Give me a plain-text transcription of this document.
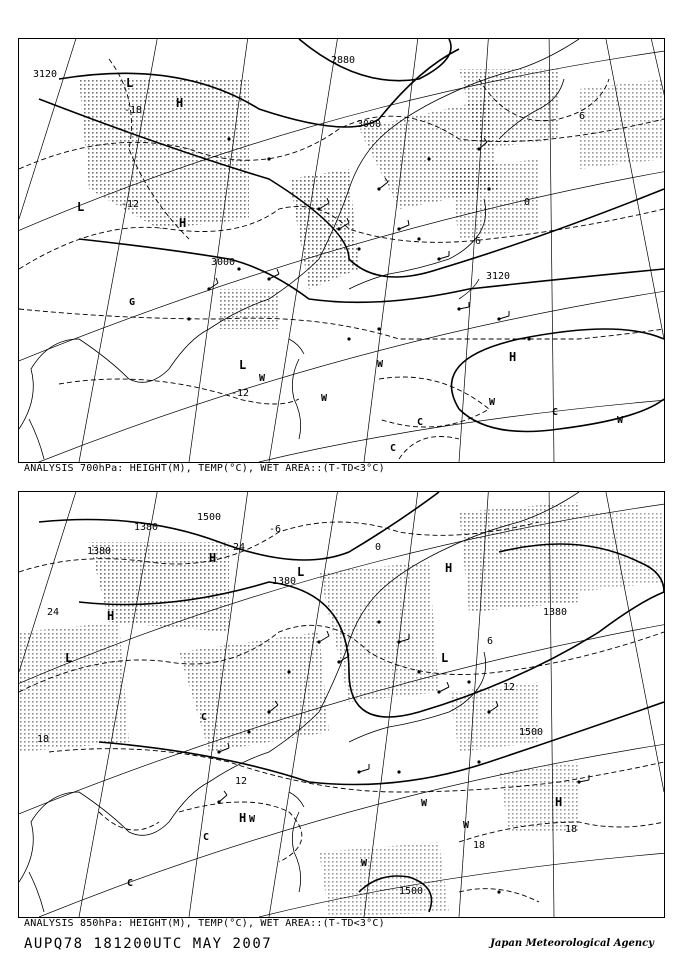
3120
3000
2880
3000
3120
-18
-12
-6
0
6
-12
L
H
L
H
H
L
W
W
W	W
W
C
C
C
G
ANALYSIS 700hPa: HEIGHT(M), TEMP(°C), WET AREA::(T-TD<3°C)
1380
1500
1380
1380
1380
1500
1500
24
18
12
6
0
-6
12
18
18
24
H
L
L	H
H
H
L
H W
W
W
W
C
C
C
ANALYSIS 850hPa: HEIGHT(M), TEMP(°C), WET AREA::(T-TD<3°C)
AUPQ78 181200UTC MAY 2007	Japan Meteorological Agency
